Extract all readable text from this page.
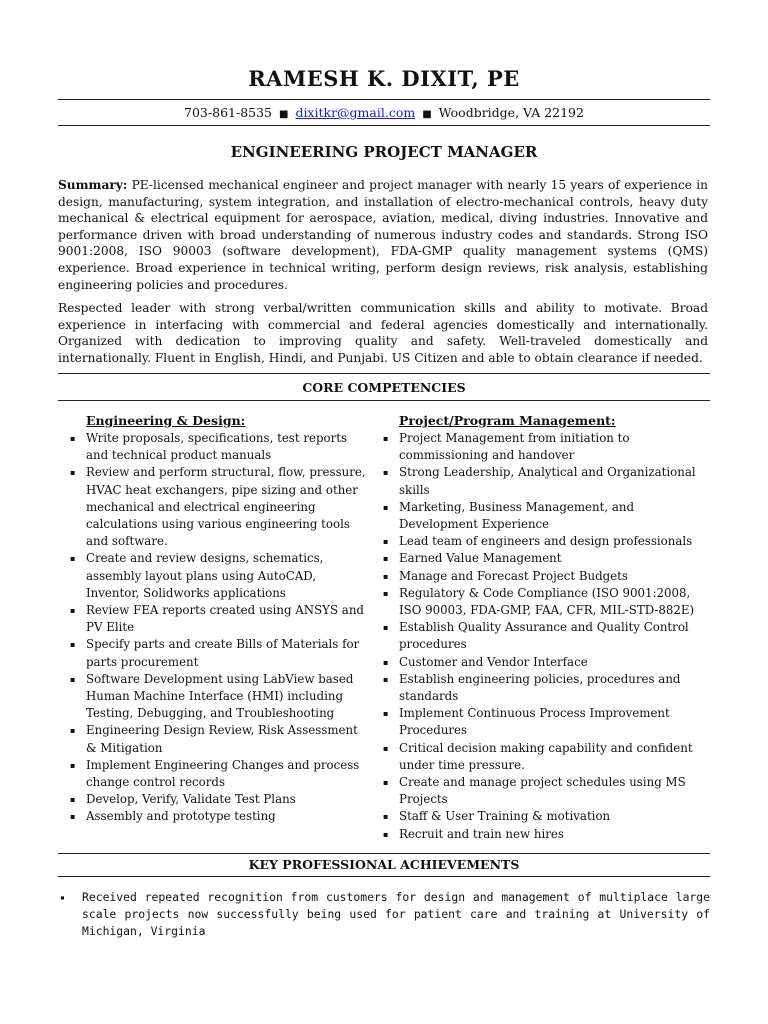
RAMESH K. DIXIT, PE
703-861-8535 ■ dixitkr@gmail.com ■ Woodbridge, VA 22192
ENGINEERING PROJECT MANAGER

Summary: PE-licensed mechanical engineer and project manager with nearly 15 years of experience in design, manufacturing, system integration, and installation of electro-mechanical controls, heavy duty mechanical & electrical equipment for aerospace, aviation, medical, diving industries. Innovative and performance driven with broad understanding of numerous industry codes and standards. Strong ISO 9001:2008, ISO 90003 (software development), FDA-GMP quality management systems (QMS) experience. Broad experience in technical writing, perform design reviews, risk analysis, establishing engineering policies and procedures.

Respected leader with strong verbal/written communication skills and ability to motivate. Broad experience in interfacing with commercial and federal agencies domestically and internationally. Organized with dedication to improving quality and safety. Well-traveled domestically and internationally. Fluent in English, Hindi, and Punjabi. US Citizen and able to obtain clearance if needed.

CORE COMPETENCIES
Engineering & Design:
▪ Write proposals, specifications, test reports and technical product manuals
▪ Review and perform structural, flow, pressure, HVAC heat exchangers, pipe sizing and other mechanical and electrical engineering calculations using various engineering tools and software.
▪ Create and review designs, schematics, assembly layout plans using AutoCAD, Inventor, Solidworks applications
▪ Review FEA reports created using ANSYS and PV Elite
▪ Specify parts and create Bills of Materials for parts procurement
▪ Software Development using LabView based Human Machine Interface (HMI) including Testing, Debugging, and Troubleshooting
▪ Engineering Design Review, Risk Assessment & Mitigation
▪ Implement Engineering Changes and process change control records
▪ Develop, Verify, Validate Test Plans
▪ Assembly and prototype testing
Project/Program Management:
▪ Project Management from initiation to commissioning and handover
▪ Strong Leadership, Analytical and Organizational skills
▪ Marketing, Business Management, and Development Experience
▪ Lead team of engineers and design professionals
▪ Earned Value Management
▪ Manage and Forecast Project Budgets
▪ Regulatory & Code Compliance (ISO 9001:2008, ISO 90003, FDA-GMP, FAA, CFR, MIL-STD-882E)
▪ Establish Quality Assurance and Quality Control procedures
▪ Customer and Vendor Interface
▪ Establish engineering policies, procedures and standards
▪ Implement Continuous Process Improvement Procedures
▪ Critical decision making capability and confident under time pressure.
▪ Create and manage project schedules using MS Projects
▪ Staff & User Training & motivation
▪ Recruit and train new hires
KEY PROFESSIONAL ACHIEVEMENTS
▪ Received repeated recognition from customers for design and management of multiplace large scale projects now successfully being used for patient care and training at University of Michigan, Virginia
